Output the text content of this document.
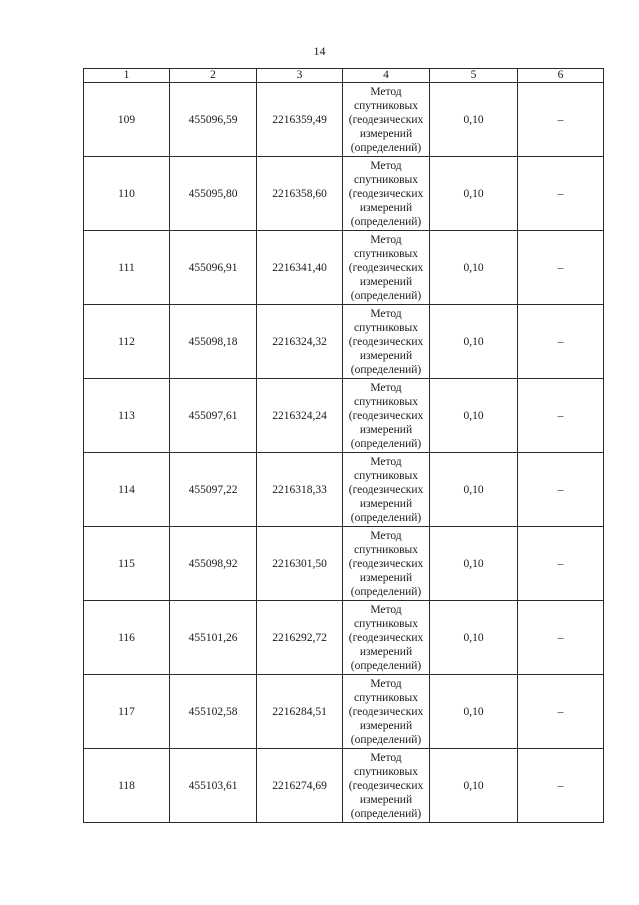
14
1	2	3	4	5	6
109	455096,59	2216359,49	Метод
спутниковых
(геодезических
измерений
(определений)	0,10	–
110	455095,80	2216358,60	Метод
спутниковых
(геодезических
измерений
(определений)	0,10	–
111	455096,91	2216341,40	Метод
спутниковых
(геодезических
измерений
(определений)	0,10	–
112	455098,18	2216324,32	Метод
спутниковых
(геодезических
измерений
(определений)	0,10	–
113	455097,61	2216324,24	Метод
спутниковых
(геодезических
измерений
(определений)	0,10	–
114	455097,22	2216318,33	Метод
спутниковых
(геодезических
измерений
(определений)	0,10	–
115	455098,92	2216301,50	Метод
спутниковых
(геодезических
измерений
(определений)	0,10	–
116	455101,26	2216292,72	Метод
спутниковых
(геодезических
измерений
(определений)	0,10	–
117	455102,58	2216284,51	Метод
спутниковых
(геодезических
измерений
(определений)	0,10	–
118	455103,61	2216274,69	Метод
спутниковых
(геодезических
измерений
(определений)	0,10	–
